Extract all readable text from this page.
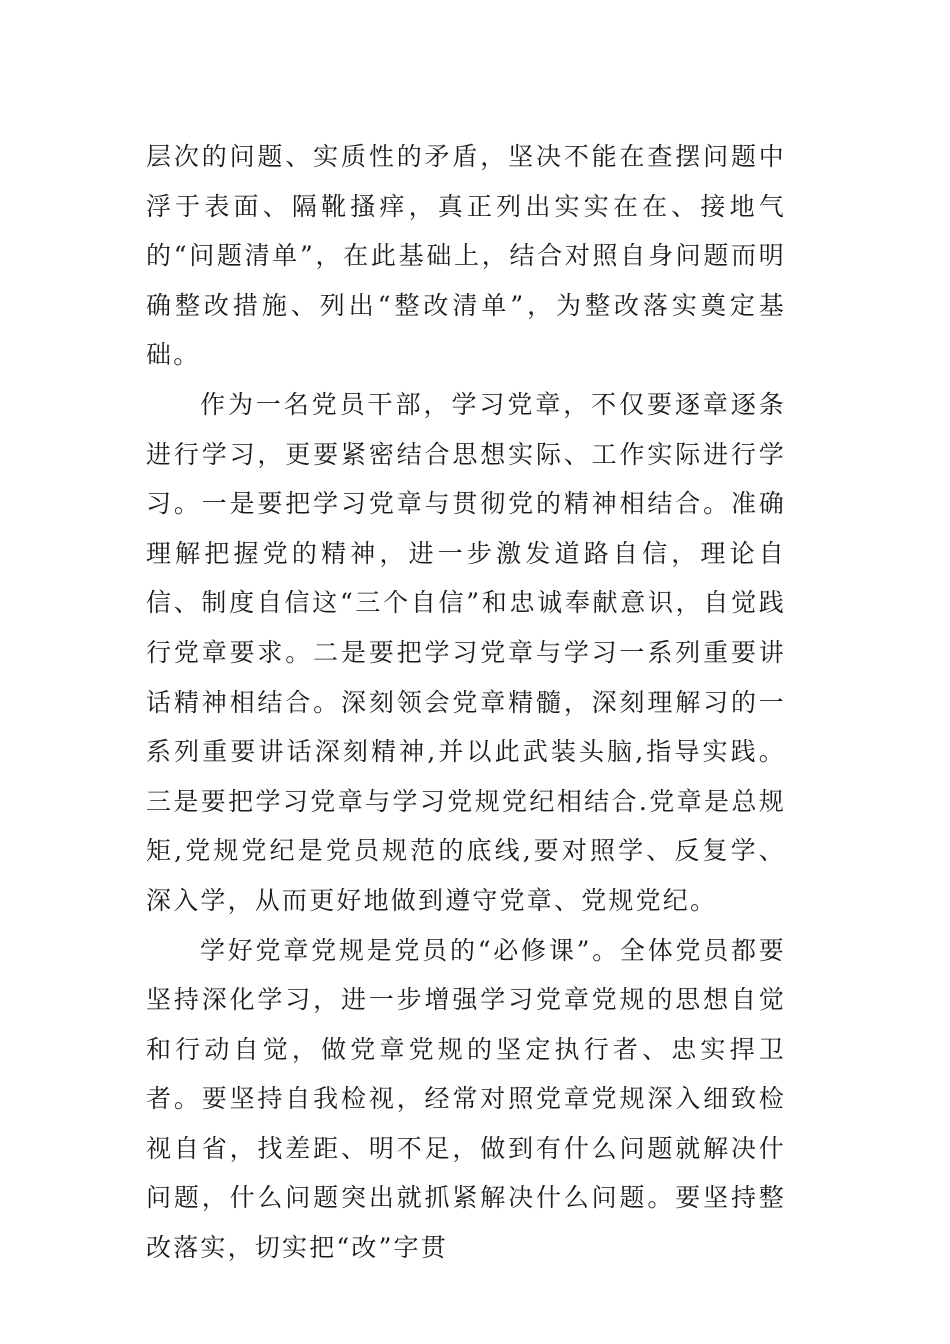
层次的问题、实质性的矛盾，坚决不能在查摆问题中浮于表面、隔靴搔痒，真正列出实实在在、接地气的“问题清单”，在此基础上，结合对照自身问题而明确整改措施、列出“整改清单”，为整改落实奠定基础。

作为一名党员干部，学习党章，不仅要逐章逐条进行学习，更要紧密结合思想实际、工作实际进行学习。一是要把学习党章与贯彻党的精神相结合。准确理解把握党的精神，进一步激发道路自信，理论自信、制度自信这“三个自信”和忠诚奉献意识，自觉践行党章要求。二是要把学习党章与学习一系列重要讲话精神相结合。深刻领会党章精髓，深刻理解习的一系列重要讲话深刻精神,并以此武装头脑,指导实践。三是要把学习党章与学习党规党纪相结合.党章是总规矩,党规党纪是党员规范的底线,要对照学、反复学、深入学，从而更好地做到遵守党章、党规党纪。

学好党章党规是党员的“必修课”。全体党员都要坚持深化学习，进一步增强学习党章党规的思想自觉和行动自觉，做党章党规的坚定执行者、忠实捍卫者。要坚持自我检视，经常对照党章党规深入细致检视自省，找差距、明不足，做到有什么问题就解决什问题，什么问题突出就抓紧解决什么问题。要坚持整改落实，切实把“改”字贯
